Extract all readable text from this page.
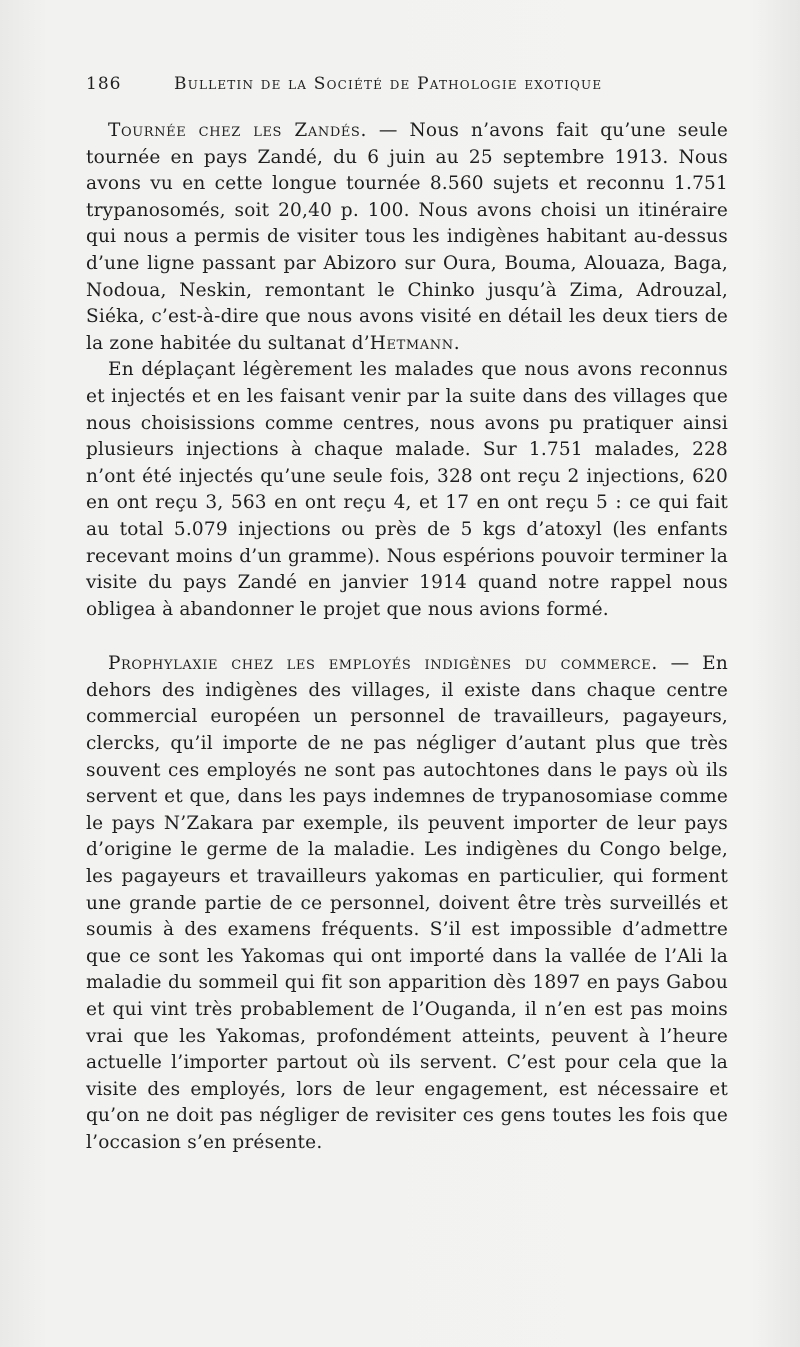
186	Bulletin de la Société de Pathologie exotique

Tournée chez les Zandés. — Nous n’avons fait qu’une seule tournée en pays Zandé, du 6 juin au 25 septembre 1913. Nous avons vu en cette longue tournée 8.560 sujets et reconnu 1.751 trypanosomés, soit 20,40 p. 100. Nous avons choisi un itinéraire qui nous a permis de visiter tous les indigènes habitant au-dessus d’une ligne passant par Abizoro sur Oura, Bouma, Alouaza, Baga, Nodoua, Neskin, remontant le Chinko jusqu’à Zima, Adrouzal, Siéka, c’est-à-dire que nous avons visité en détail les deux tiers de la zone habitée du sultanat d’Hetmann.

En déplaçant légèrement les malades que nous avons reconnus et injectés et en les faisant venir par la suite dans des villages que nous choisissions comme centres, nous avons pu pratiquer ainsi plusieurs injections à chaque malade. Sur 1.751 malades, 228 n’ont été injectés qu’une seule fois, 328 ont reçu 2 injections, 620 en ont reçu 3, 563 en ont reçu 4, et 17 en ont reçu 5 : ce qui fait au total 5.079 injections ou près de 5 kgs d’atoxyl (les enfants recevant moins d’un gramme). Nous espérions pouvoir terminer la visite du pays Zandé en janvier 1914 quand notre rappel nous obligea à abandonner le projet que nous avions formé.

Prophylaxie chez les employés indigènes du commerce. — En dehors des indigènes des villages, il existe dans chaque centre commercial européen un personnel de travailleurs, pagayeurs, clercks, qu’il importe de ne pas négliger d’autant plus que très souvent ces employés ne sont pas autochtones dans le pays où ils servent et que, dans les pays indemnes de trypanosomiase comme le pays N’Zakara par exemple, ils peuvent importer de leur pays d’origine le germe de la maladie. Les indigènes du Congo belge, les pagayeurs et travailleurs yakomas en particulier, qui forment une grande partie de ce personnel, doivent être très surveillés et soumis à des examens fréquents. S’il est impossible d’admettre que ce sont les Yakomas qui ont importé dans la vallée de l’Ali la maladie du sommeil qui fit son apparition dès 1897 en pays Gabou et qui vint très probablement de l’Ouganda, il n’en est pas moins vrai que les Yakomas, profondément atteints, peuvent à l’heure actuelle l’importer partout où ils servent. C’est pour cela que la visite des employés, lors de leur engagement, est nécessaire et qu’on ne doit pas négliger de revisiter ces gens toutes les fois que l’occasion s’en présente.
